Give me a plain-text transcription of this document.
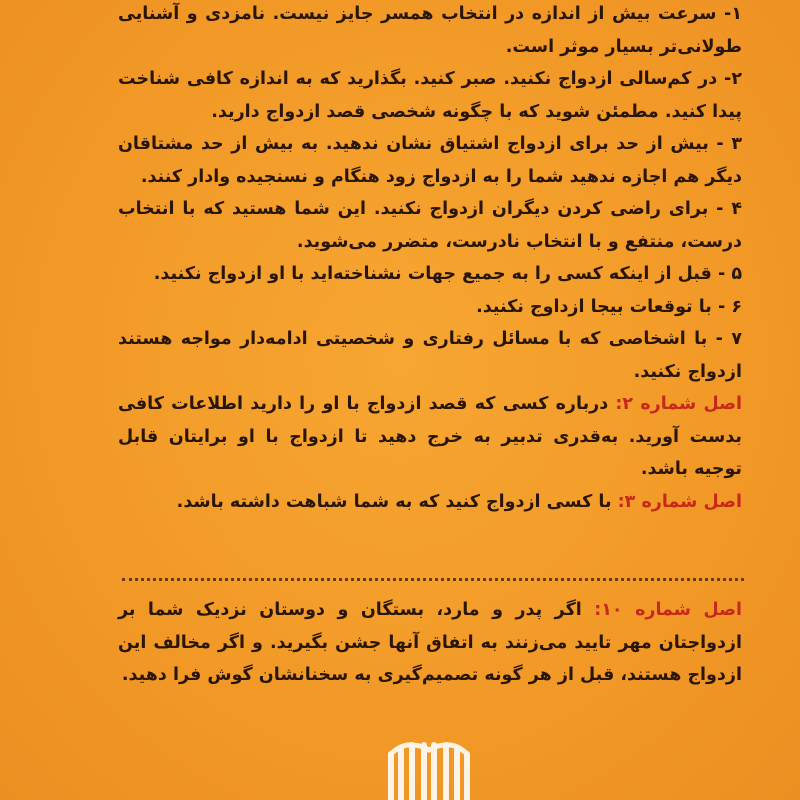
۱- سرعت بیش از اندازه در انتخاب همسر جایز نیست. نامزدی و آشنایی طولانی‌تر بسیار موثر است.

۲- در کم‌سالی ازدواج نکنید. صبر کنید. بگذارید که به اندازه کافی شناخت پیدا کنید. مطمئن شوید که با چگونه شخصی قصد ازدواج دارید.

۳ - بیش از حد برای ازدواج اشتیاق نشان ندهید. به بیش از حد مشتاقان دیگر هم اجازه ندهید شما را به ازدواج زود هنگام و نسنجیده وادار کنند.

۴ - برای راضی کردن دیگران ازدواج نکنید. این شما هستید که با انتخاب درست، منتفع و با انتخاب نادرست، متضرر می‌شوید.

۵ - قبل از اینکه کسی را به جمیع جهات نشناخته‌اید با او ازدواج نکنید.

۶ - با توقعات بیجا ازداوج نکنید.

۷ - با اشخاصی که با مسائل رفتاری و شخصیتی ادامه‌دار مواجه هستند ازدواج نکنید.

اصل شماره ۲: درباره کسی که قصد ازدواج با او را دارید اطلاعات کافی بدست آورید. به‌قدری تدبیر به خرج دهید تا ازدواج با او برایتان قابل توجیه باشد.

اصل شماره ۳: با کسی ازدواج کنید که به شما شباهت داشته باشد.

اصل شماره ۱۰: اگر پدر و مارد، بستگان و دوستان نزدیک شما بر ازدواجتان مهر تایید می‌زنند به اتفاق آنها جشن بگیرید. و اگر مخالف این ازدواج هستند، قبل از هر گونه تصمیم‌گیری به سخنانشان گوش فرا دهید.
